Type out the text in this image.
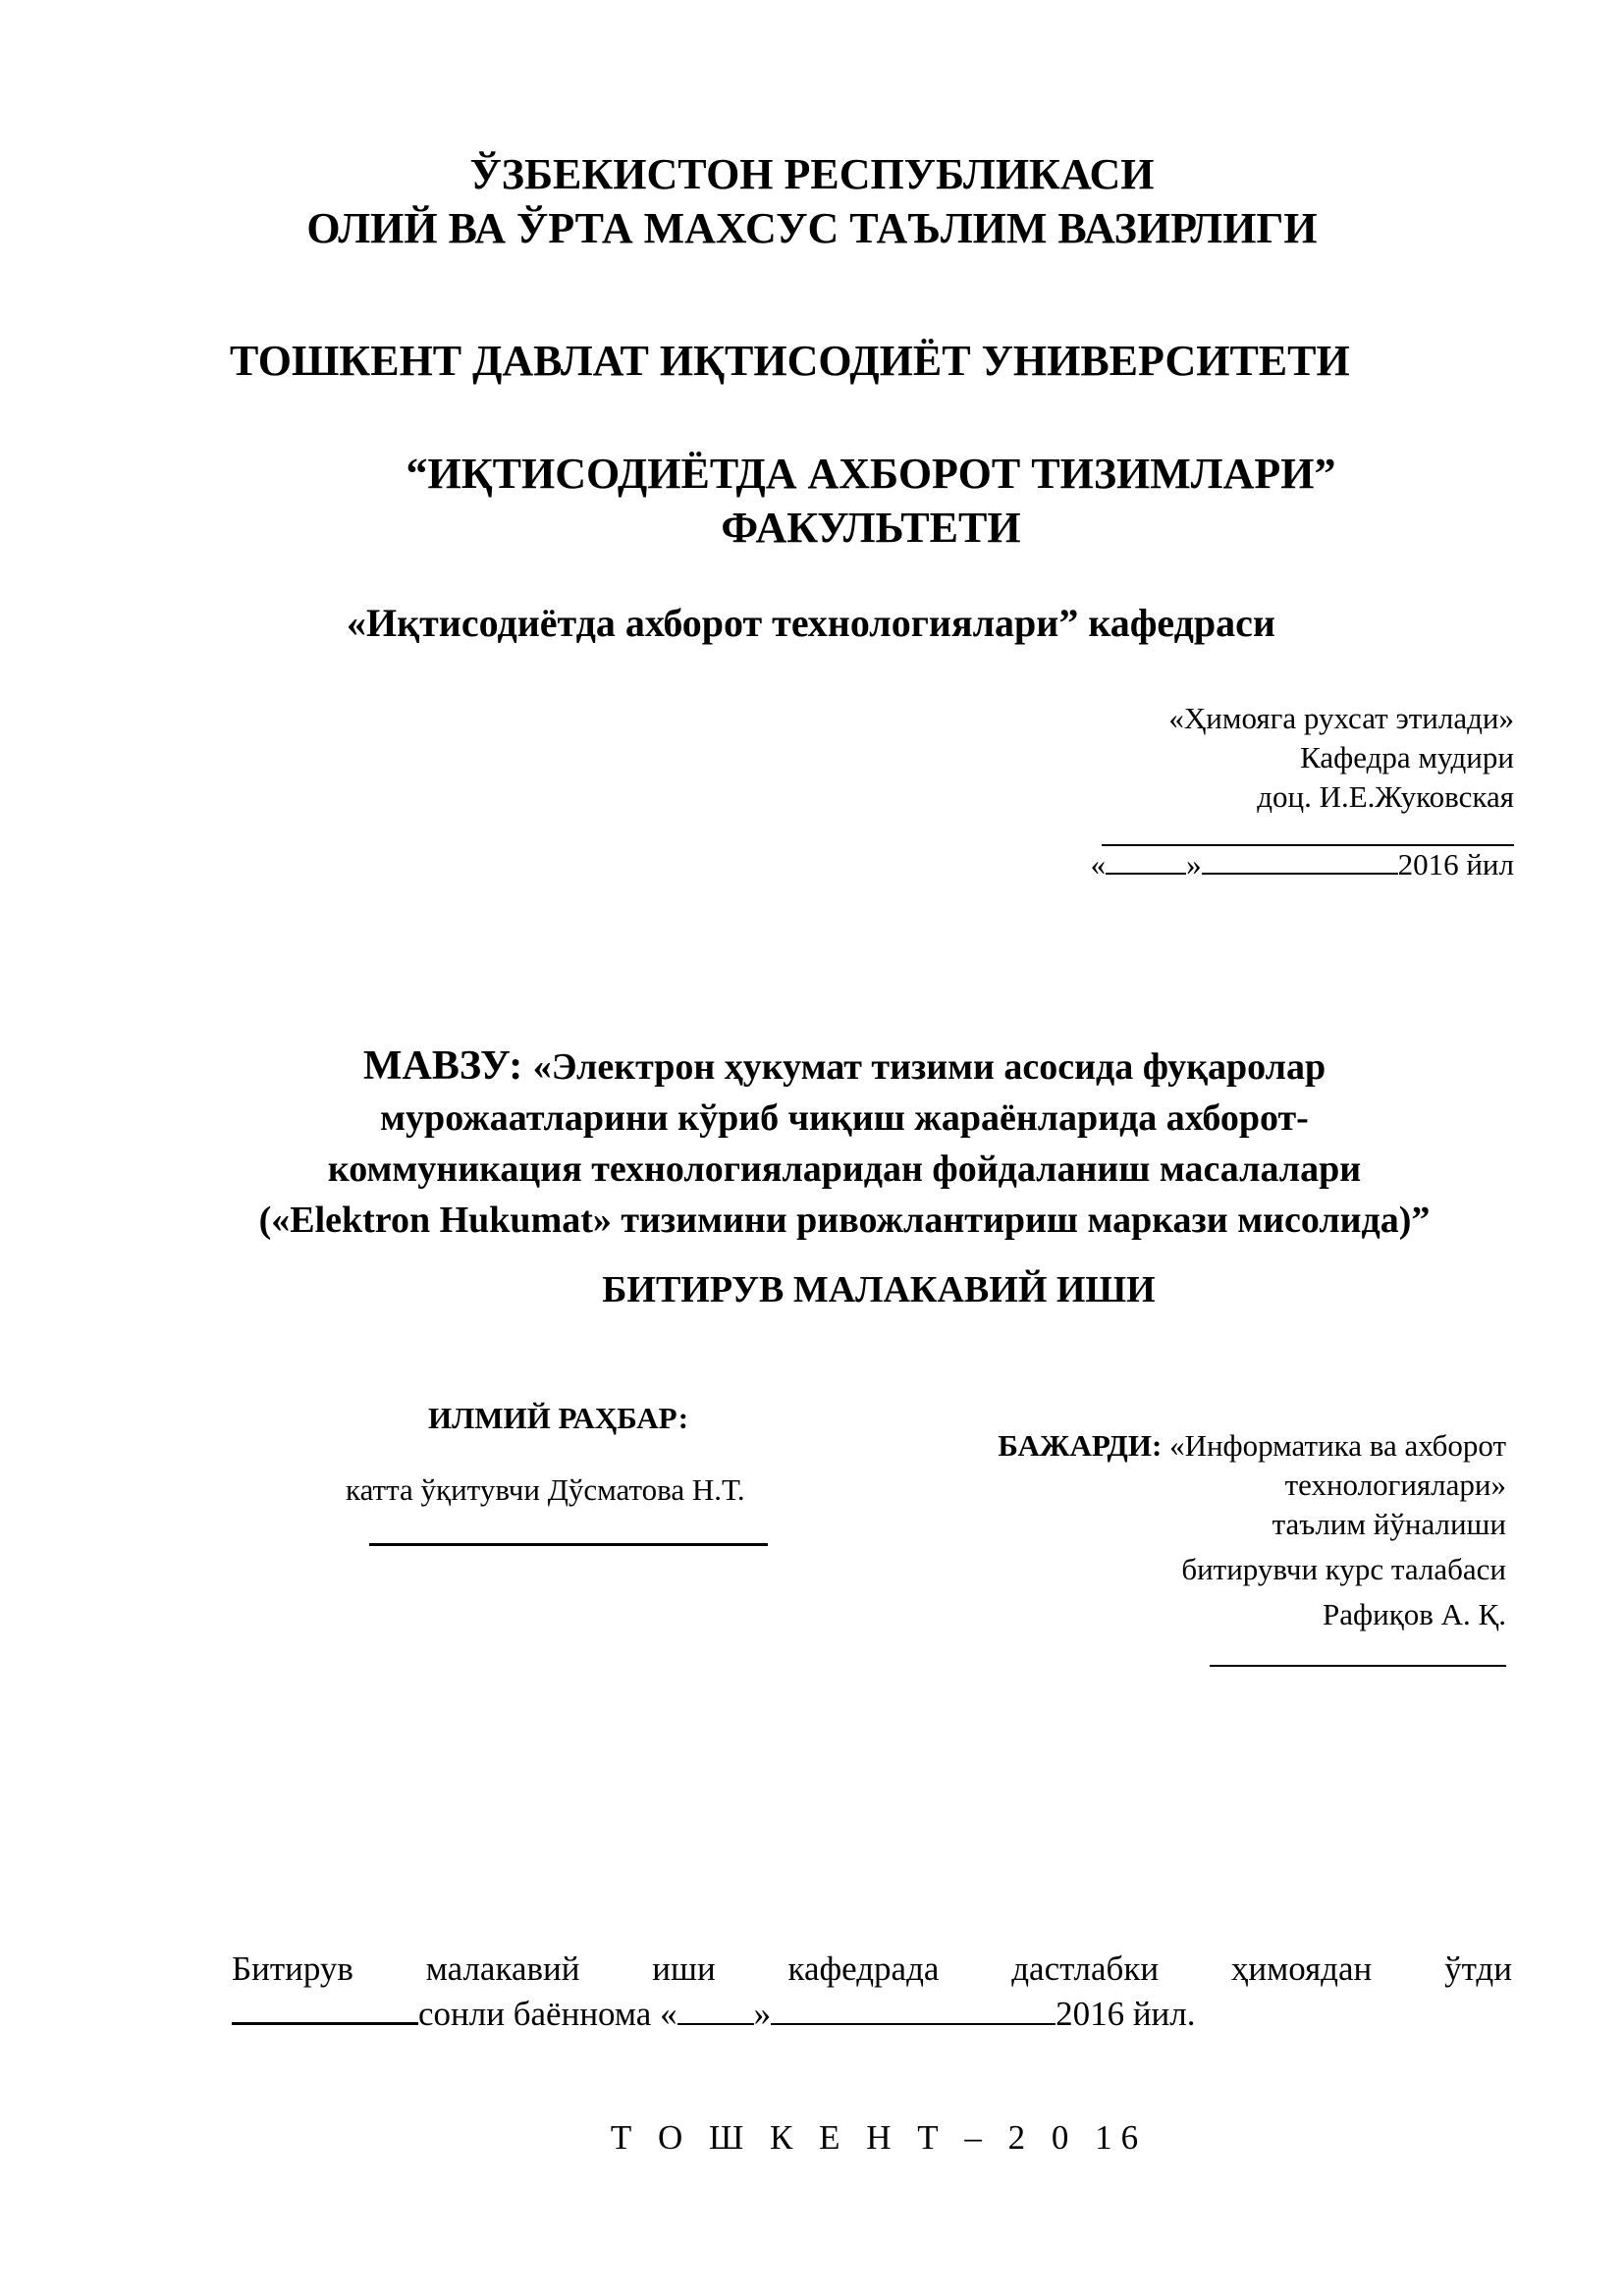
ЎЗБЕКИСТОН РЕСПУБЛИКАСИ
ОЛИЙ ВА ЎРТА МАХСУС ТАЪЛИМ ВАЗИРЛИГИ
ТОШКЕНТ ДАВЛАТ ИҚТИСОДИЁТ УНИВЕРСИТЕТИ
“ИҚТИСОДИЁТДА АХБОРОТ ТИЗИМЛАРИ”
ФАКУЛЬТЕТИ
«Иқтисодиётда ахборот технологиялари” кафедраси
«Ҳимояга рухсат этилади»
Кафедра мудири
доц. И.Е.Жуковская
«	»	2016 йил
МАВЗУ: «Электрон ҳукумат тизими асосида фуқаролар
мурожаатларини кўриб чиқиш жараёнларида ахборот-
коммуникация технологияларидан фойдаланиш масалалари
(«Elektron Hukumat» тизимини ривожлантириш маркази мисолида)”
БИТИРУВ МАЛАКАВИЙ ИШИ
ИЛМИЙ РАҲБАР:
катта ўқитувчи Дўсматова Н.Т.
БАЖАРДИ: «Информатика ва ахборот
технологиялари»
таълим йўналиши
битирувчи курс талабаси
Рафиқов А. Қ.
Битирув малакавий иши кафедрада дастлабки ҳимоядан ўтди
сонли баённома « »	2016 йил.
Т О Ш К Е Н Т – 2 0 16
